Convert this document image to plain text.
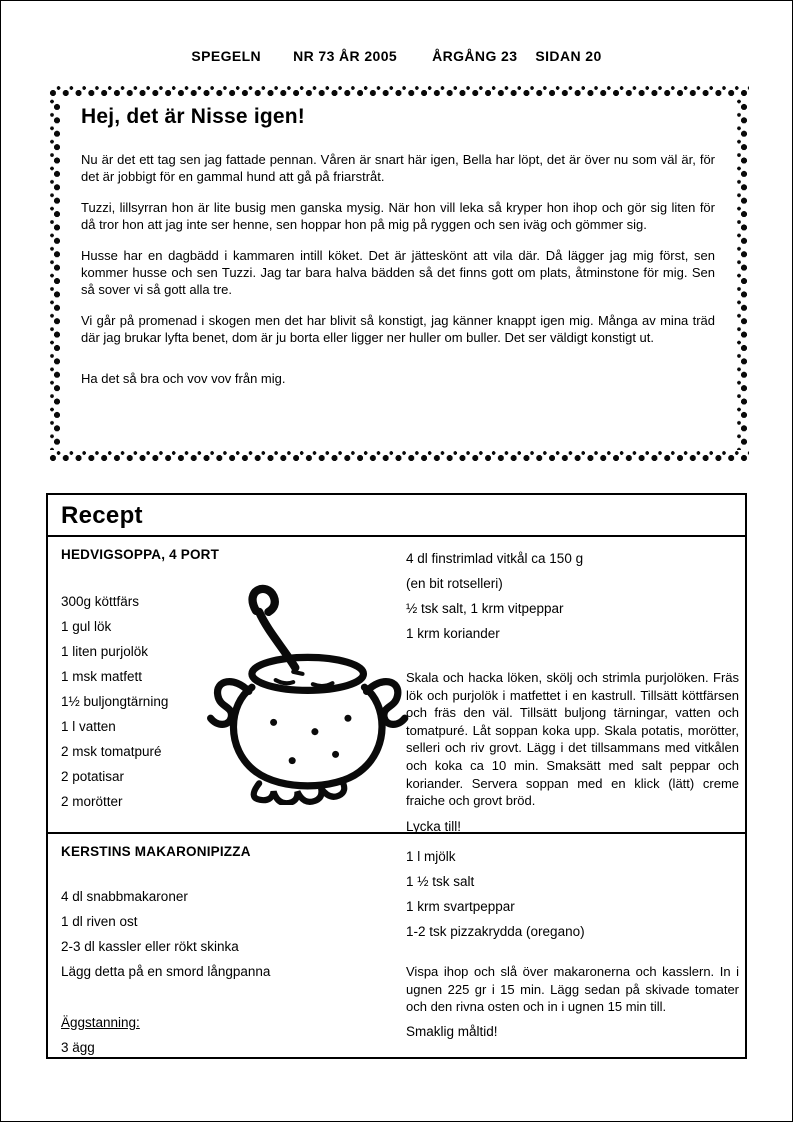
SPEGELN NR 73 ÅR 2005	ÅRGÅNG 23 SIDAN 20
Hej, det är Nisse igen!

Nu är det ett tag sen jag fattade pennan. Våren är snart här igen, Bella har löpt, det är över nu som väl är, för det är jobbigt för en gammal hund att gå på friarstråt.

Tuzzi, lillsyrran hon är lite busig men ganska mysig. När hon vill leka så kryper hon ihop och gör sig liten för då tror hon att jag inte ser henne, sen hoppar hon på mig på ryggen och sen iväg och gömmer sig.

Husse har en dagbädd i kammaren intill köket. Det är jätteskönt att vila där. Då lägger jag mig först, sen kommer husse och sen Tuzzi. Jag tar bara halva bädden så det finns gott om plats, åtminstone för mig. Sen så sover vi så gott alla tre.

Vi går på promenad i skogen men det har blivit så konstigt, jag känner knappt igen mig. Många av mina träd där jag brukar lyfta benet, dom är ju borta eller ligger ner huller om buller. Det ser väldigt konstigt ut.

Ha det så bra och vov vov från mig.

Recept
HEDVIGSOPPA, 4 PORT
300g köttfärs
1 gul lök
1 liten purjolök
1 msk matfett
1½ buljongtärning
1 l vatten
2 msk tomatpuré
2 potatisar
2 morötter
4 dl finstrimlad vitkål ca 150 g
(en bit rotselleri)
½ tsk salt, 1 krm vitpeppar
1 krm koriander

Skala och hacka löken, skölj och strimla purjolöken. Fräs lök och purjolök i matfettet i en kastrull. Tillsätt köttfärsen och fräs den väl. Tillsätt buljong tärningar, vatten och tomatpuré. Låt soppan koka upp. Skala potatis, morötter, selleri och riv grovt. Lägg i det tillsammans med vitkålen och koka ca 10 min. Smaksätt med salt peppar och koriander. Servera soppan med en klick (lätt) creme fraiche och grovt bröd.

Lycka till!
KERSTINS MAKARONIPIZZA
4 dl snabbmakaroner
1 dl riven ost
2-3 dl kassler eller rökt skinka
Lägg detta på en smord långpanna
Äggstanning:
3 ägg
1 l mjölk
1 ½ tsk salt
1 krm svartpeppar
1-2 tsk pizzakrydda (oregano)

Vispa ihop och slå över makaronerna och kasslern. In i ugnen 225 gr i 15 min. Lägg sedan på skivade tomater och den rivna osten och in i ugnen 15 min till.

Smaklig måltid!
